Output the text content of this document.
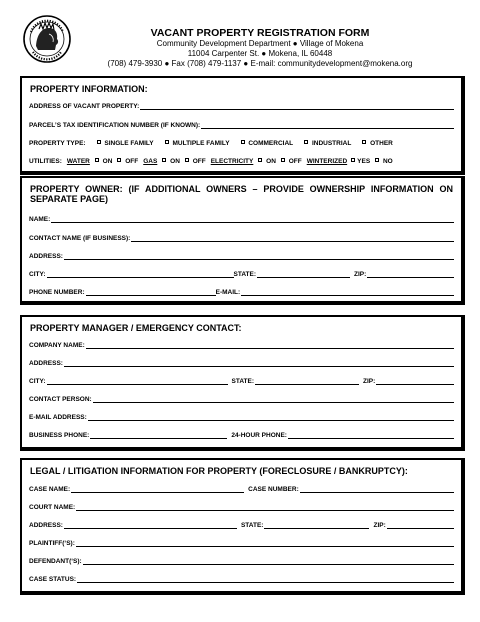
VACANT PROPERTY REGISTRATION FORM
Community Development Department ● Village of Mokena
11004 Carpenter St. ● Mokena, IL 60448
(708) 479-3930 ● Fax (708) 479-1137 ● E-mail: communitydevelopment@mokena.org
PROPERTY INFORMATION:
ADDRESS OF VACANT PROPERTY:
PARCEL’S TAX IDENTIFICATION NUMBER (IF KNOWN):
PROPERTY TYPE:	SINGLE FAMILY	MULTIPLE FAMILY	COMMERCIAL	INDUSTRIAL	OTHER
UTILITIES: WATER	ON	OFF GAS	ON	OFF ELECTRICITY	ON	OFF WINTERIZED	YES	NO
PROPERTY OWNER: (IF ADDITIONAL OWNERS – PROVIDE OWNERSHIP INFORMATION ON SEPARATE PAGE)
NAME:
CONTACT NAME (IF BUSINESS):
ADDRESS:
CITY:	STATE:	ZIP:
PHONE NUMBER:	E-MAIL:
PROPERTY MANAGER / EMERGENCY CONTACT:
COMPANY NAME:
ADDRESS:
CITY:	STATE:	ZIP:
CONTACT PERSON:
E-MAIL ADDRESS:
BUSINESS PHONE:	24-HOUR PHONE:
LEGAL / LITIGATION INFORMATION FOR PROPERTY (FORECLOSURE / BANKRUPTCY):
CASE NAME:	CASE NUMBER:
COURT NAME:
ADDRESS:	STATE:	ZIP:
PLAINTIFF(‘S):
DEFENDANT(‘S):
CASE STATUS:
